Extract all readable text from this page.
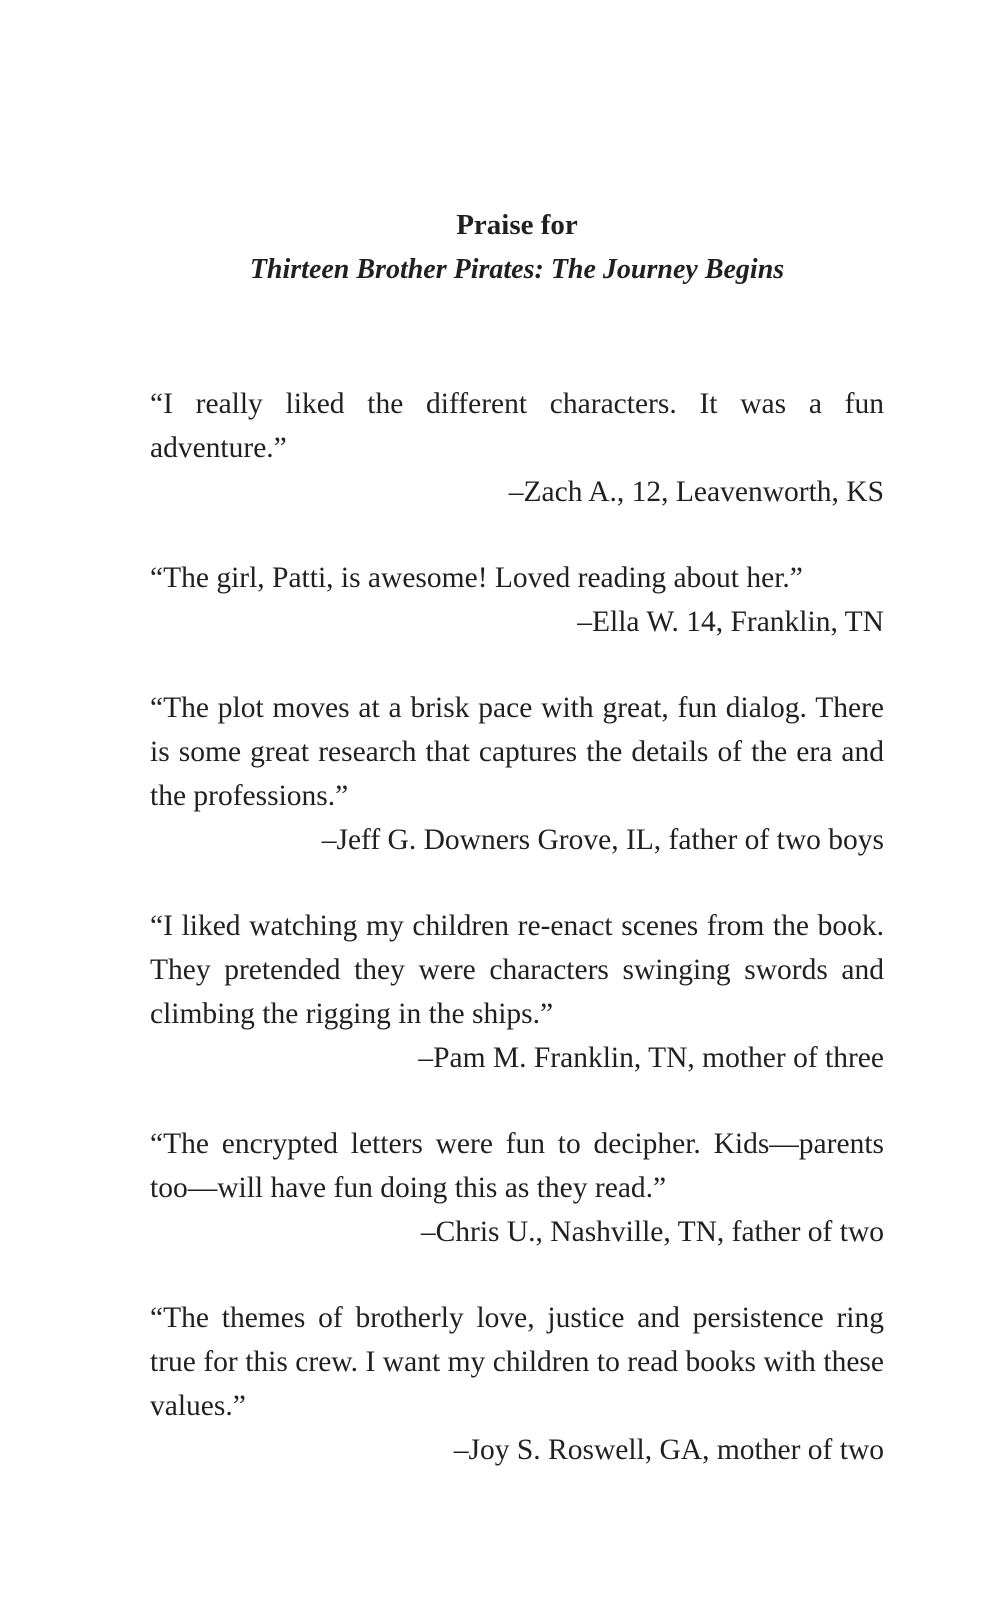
Praise for
Thirteen Brother Pirates: The Journey Begins

“I really liked the different characters. It was a fun adventure.”

–Zach A., 12, Leavenworth, KS

“The girl, Patti, is awesome! Loved reading about her.”

–Ella W. 14, Franklin, TN

“The plot moves at a brisk pace with great, fun dialog. There is some great research that captures the details of the era and the professions.”

–Jeff G. Downers Grove, IL, father of two boys

“I liked watching my children re-enact scenes from the book. They pretended they were characters swinging swords and climbing the rigging in the ships.”

–Pam M. Franklin, TN, mother of three

“The encrypted letters were fun to decipher. Kids—parents too—will have fun doing this as they read.”

–Chris U., Nashville, TN, father of two

“The themes of brotherly love, justice and persistence ring true for this crew. I want my children to read books with these values.”

–Joy S. Roswell, GA, mother of two
